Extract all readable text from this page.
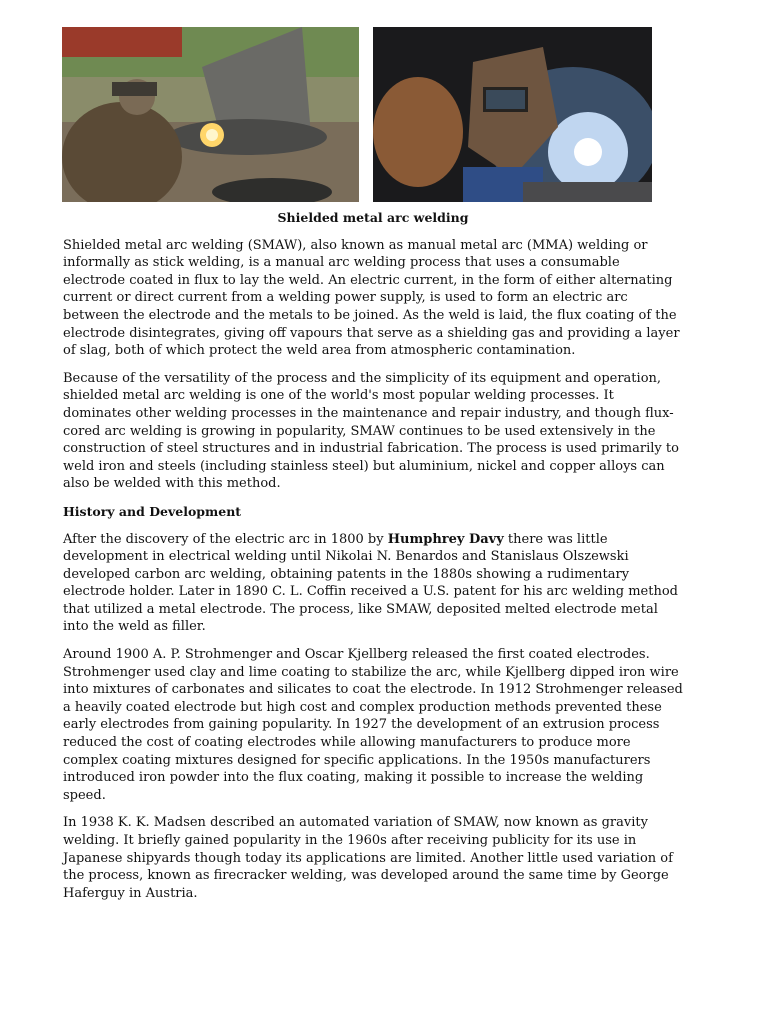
Shielded metal arc welding

Shielded metal arc welding (SMAW), also known as manual metal arc (MMA) welding or informally as stick welding, is a manual arc welding process that uses a consumable electrode coated in flux to lay the weld. An electric current, in the form of either alternating current or direct current from a welding power supply, is used to form an electric arc between the electrode and the metals to be joined. As the weld is laid, the flux coating of the electrode disintegrates, giving off vapours that serve as a shielding gas and providing a layer of slag, both of which protect the weld area from atmospheric contamination.

Because of the versatility of the process and the simplicity of its equipment and operation, shielded metal arc welding is one of the world's most popular welding processes. It dominates other welding processes in the maintenance and repair industry, and though flux-cored arc welding is growing in popularity, SMAW continues to be used extensively in the construction of steel structures and in industrial fabrication. The process is used primarily to weld iron and steels (including stainless steel) but aluminium, nickel and copper alloys can also be welded with this method.

History and Development

After the discovery of the electric arc in 1800 by Humphrey Davy there was little development in electrical welding until Nikolai N. Benardos and Stanislaus Olszewski developed carbon arc welding, obtaining patents in the 1880s showing a rudimentary electrode holder. Later in 1890 C. L. Coffin received a U.S. patent for his arc welding method that utilized a metal electrode. The process, like SMAW, deposited melted electrode metal into the weld as filler.

Around 1900 A. P. Strohmenger and Oscar Kjellberg released the first coated electrodes. Strohmenger used clay and lime coating to stabilize the arc, while Kjellberg dipped iron wire into mixtures of carbonates and silicates to coat the electrode. In 1912 Strohmenger released a heavily coated electrode but high cost and complex production methods prevented these early electrodes from gaining popularity. In 1927 the development of an extrusion process reduced the cost of coating electrodes while allowing manufacturers to produce more complex coating mixtures designed for specific applications. In the 1950s manufacturers introduced iron powder into the flux coating, making it possible to increase the welding speed.

In 1938 K. K. Madsen described an automated variation of SMAW, now known as gravity welding. It briefly gained popularity in the 1960s after receiving publicity for its use in Japanese shipyards though today its applications are limited. Another little used variation of the process, known as firecracker welding, was developed around the same time by George Haferguy in Austria.
